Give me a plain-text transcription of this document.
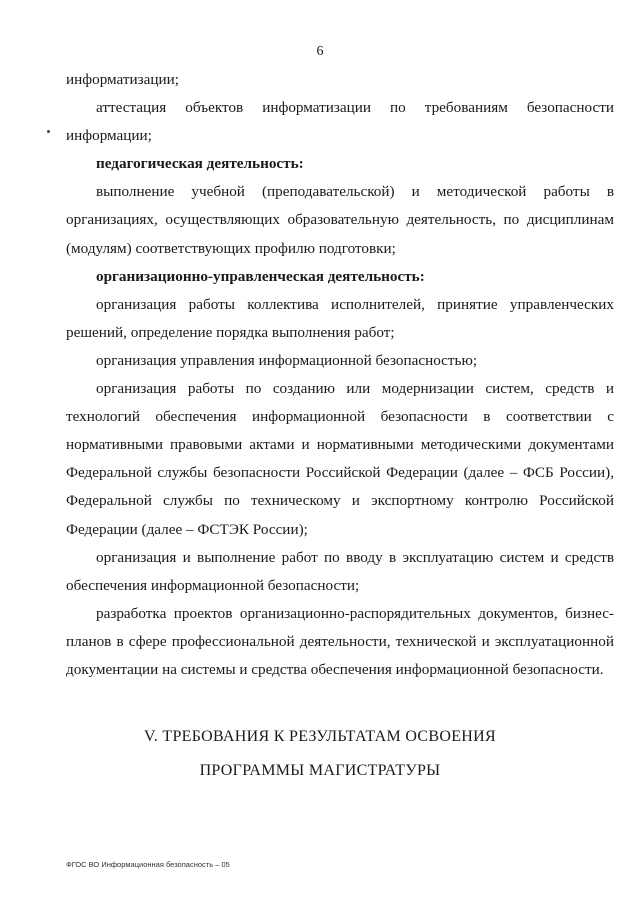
6

информатизации;

аттестация объектов информатизации по требованиям безопасности информации;

педагогическая деятельность:

выполнение учебной (преподавательской) и методической работы в организациях, осуществляющих образовательную деятельность, по дисциплинам (модулям) соответствующих профилю подготовки;

организационно-управленческая деятельность:

организация работы коллектива исполнителей, принятие управленческих решений, определение порядка выполнения работ;

организация управления информационной безопасностью;

организация работы по созданию или модернизации систем, средств и технологий обеспечения информационной безопасности в соответствии с нормативными правовыми актами и нормативными методическими документами Федеральной службы безопасности Российской Федерации (далее – ФСБ России), Федеральной службы по техническому и экспортному контролю Российской Федерации (далее – ФСТЭК России);

организация и выполнение работ по вводу в эксплуатацию систем и средств обеспечения информационной безопасности;

разработка проектов организационно-распорядительных документов, бизнес-планов в сфере профессиональной деятельности, технической и эксплуатационной документации на системы и средства обеспечения информационной безопасности.

V. ТРЕБОВАНИЯ К РЕЗУЛЬТАТАМ ОСВОЕНИЯ
ПРОГРАММЫ МАГИСТРАТУРЫ
ФГОС ВО Информационная безопасность – 05
